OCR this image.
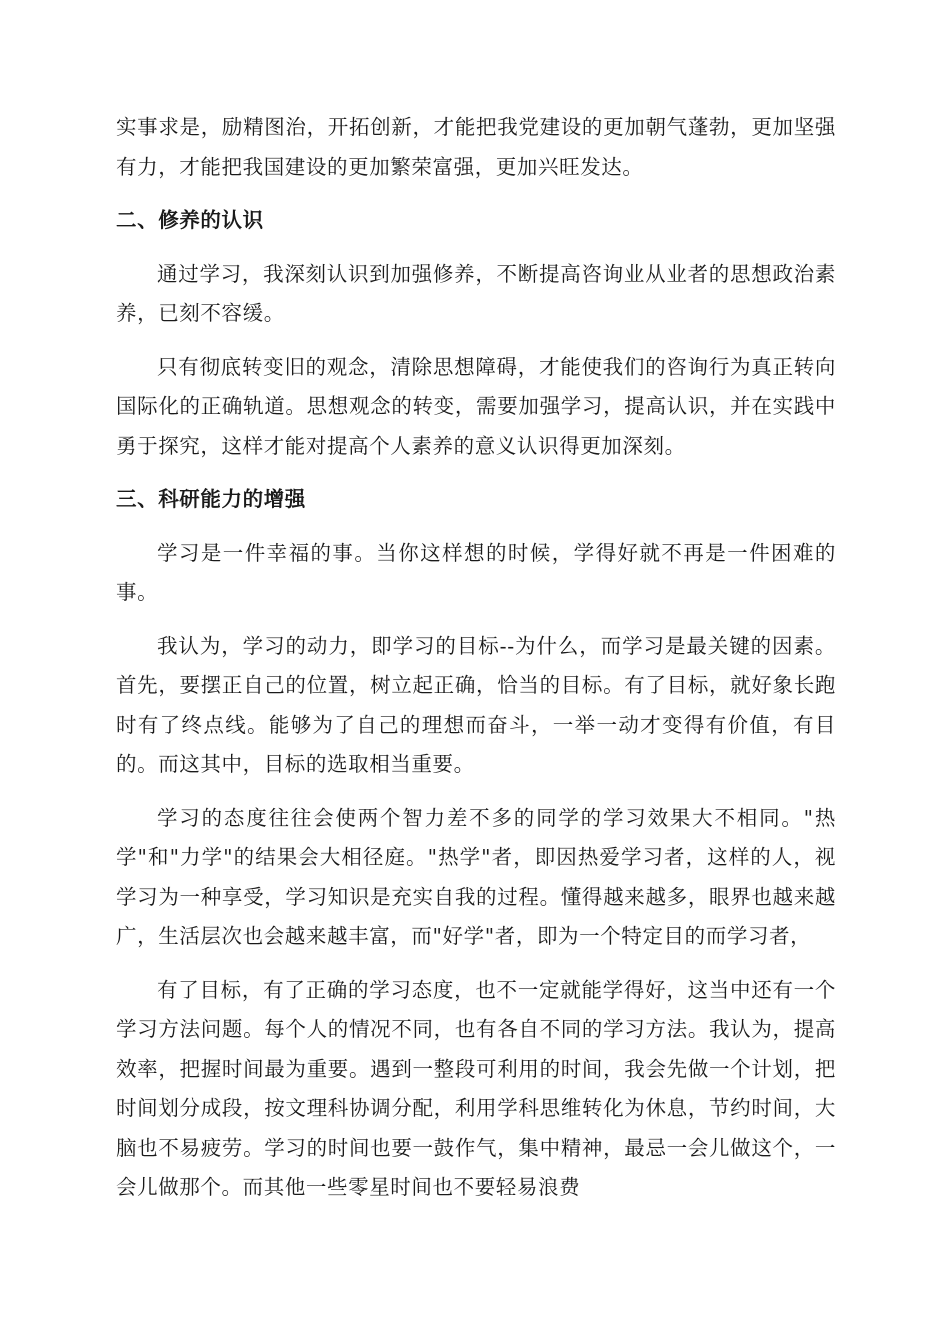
实事求是，励精图治，开拓创新，才能把我党建设的更加朝气蓬勃，更加坚强有力，才能把我国建设的更加繁荣富强，更加兴旺发达。

二、修养的认识

通过学习，我深刻认识到加强修养，不断提高咨询业从业者的思想政治素养，已刻不容缓。

只有彻底转变旧的观念，清除思想障碍，才能使我们的咨询行为真正转向国际化的正确轨道。思想观念的转变，需要加强学习，提高认识，并在实践中勇于探究，这样才能对提高个人素养的意义认识得更加深刻。

三、科研能力的增强

学习是一件幸福的事。当你这样想的时候，学得好就不再是一件困难的事。

我认为，学习的动力，即学习的目标--为什么，而学习是最关键的因素。首先，要摆正自己的位置，树立起正确，恰当的目标。有了目标，就好象长跑时有了终点线。能够为了自己的理想而奋斗，一举一动才变得有价值，有目的。而这其中，目标的选取相当重要。

学习的态度往往会使两个智力差不多的同学的学习效果大不相同。"热学"和"力学"的结果会大相径庭。"热学"者，即因热爱学习者，这样的人，视学习为一种享受，学习知识是充实自我的过程。懂得越来越多，眼界也越来越广，生活层次也会越来越丰富，而"好学"者，即为一个特定目的而学习者，

有了目标，有了正确的学习态度，也不一定就能学得好，这当中还有一个学习方法问题。每个人的情况不同，也有各自不同的学习方法。我认为，提高效率，把握时间最为重要。遇到一整段可利用的时间，我会先做一个计划，把时间划分成段，按文理科协调分配，利用学科思维转化为休息，节约时间，大脑也不易疲劳。学习的时间也要一鼓作气，集中精神，最忌一会儿做这个，一会儿做那个。而其他一些零星时间也不要轻易浪费
